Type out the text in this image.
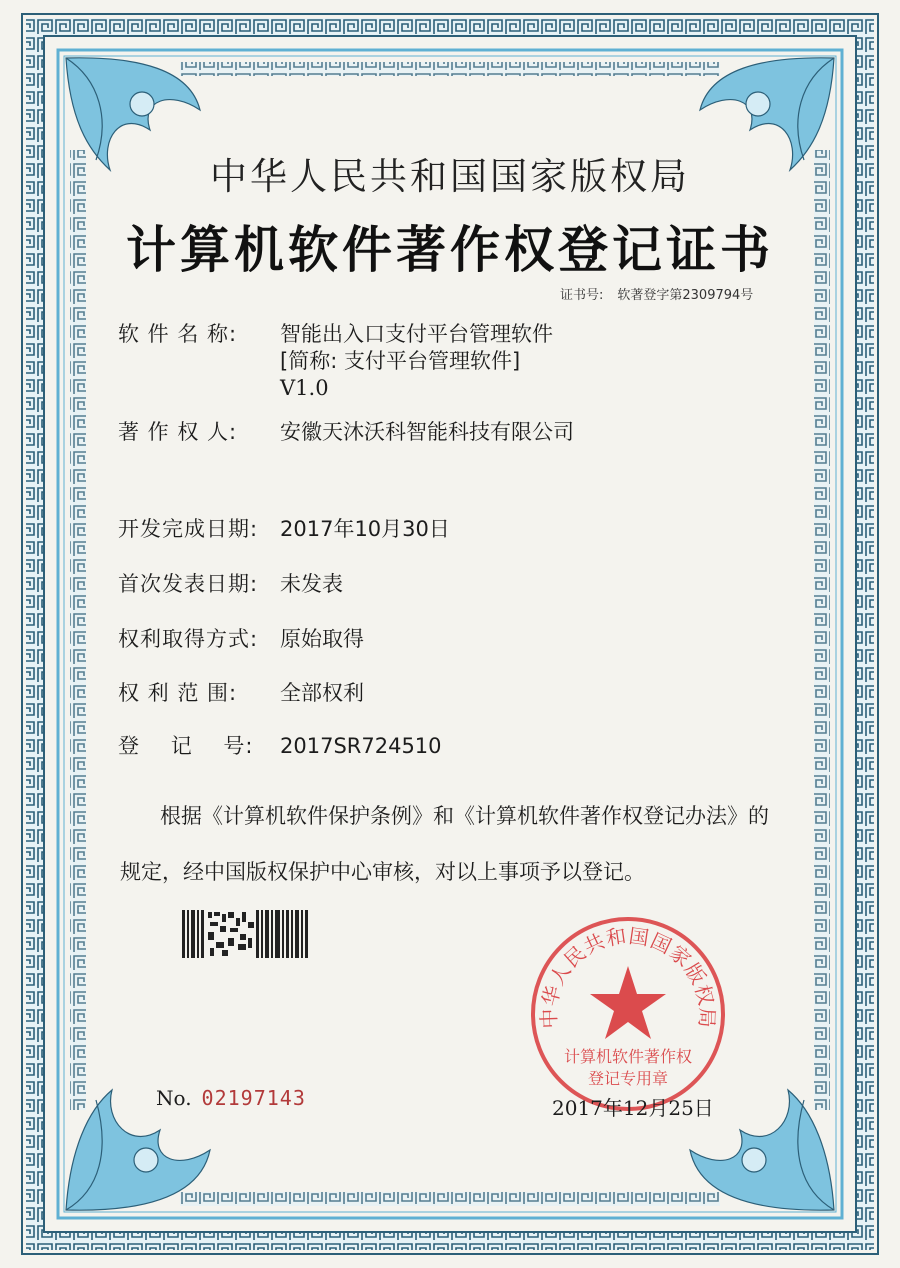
中华人民共和国国家版权局
计算机软件著作权登记证书
证书号: 软著登字第2309794号
软 件 名 称: 智能出入口支付平台管理软件
[简称: 支付平台管理软件]
V1.0
著 作 权 人: 安徽天沐沃科智能科技有限公司
开发完成日期: 2017年10月30日
首次发表日期: 未发表
权利取得方式: 原始取得
权 利 范 围: 全部权利
登    记    号: 2017SR724510
根据《计算机软件保护条例》和《计算机软件著作权登记办法》的
规定，经中国版权保护中心审核，对以上事项予以登记。
No. 02197143
中华人民共和国国家版权局
计算机软件著作权
登记专用章
2017年12月25日
